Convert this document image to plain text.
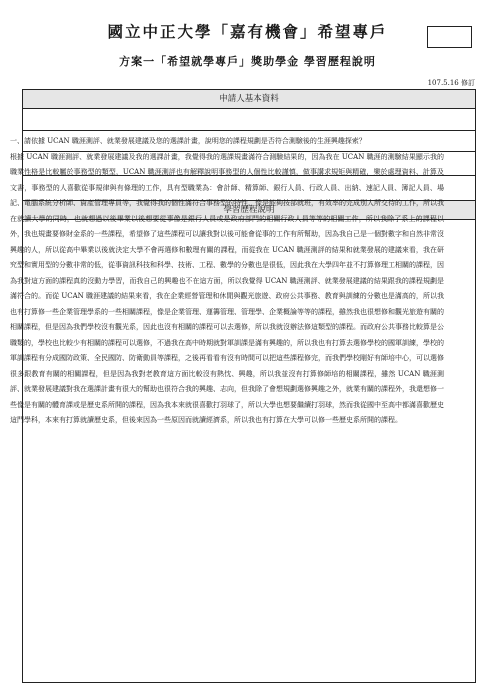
國立中正大學「嘉有機會」希望專戶
方案一「希望就學專戶」獎助學金 學習歷程說明
107.5.16 修訂
申請人基本資料
學習歷程說明

一、請依據 UCAN 職涯測評、就業發展建議及您的選課計畫，說明您的課程規劃是否符合測驗後的生涯興趣探索？

根據 UCAN 職涯測評、就業發展建議及我的選課計畫，我覺得我的選課規畫滿符合測驗結果的，因為我在 UCAN 職涯的測驗結果顯示我的職業性格是比較屬於事務型的類型，UCAN 職涯測評也有解釋說明事務型的人個性比較謹慎，做事講求規矩與精確，樂於處理資料、計算及文書，事務型的人喜歡從事規律與有條理的工作，具有型職業為：會計師、精算師、銀行人員、行政人員、出納、速記人員、簿記人員、場記、電腦系統分析師、資產管理專員等，我覺得我的個性滿符合事務型的特性，像是能夠按部就班，有效率的完成別人所交待的工作，所以我在就讀大學的同時，也就想過以後畢業以後想要從事像是銀行人員或是政府部門的相關行政人員等等的相關工作，所以我除了系上的課程以外，我也規畫要修財金系的一些課程，希望修了這些課程可以讓我對以後可能會從事的工作有所幫助，因為我自己是一個對數字和自然非常沒興趣的人，所以從高中畢業以後就決定大學不會再選修和數理有關的課程，而從我在 UCAN 職涯測評的結果和就業發展的建議來看，我在研究型和實用型的分數非常的低，從事資訊科技和科學、技術、工程、數學的分數也是很低，因此我在大學四年並不打算修理工相關的課程，因為我對這方面的課程真的沒動力學習，而我自己的興趣也不在這方面，所以我覺得 UCAN 職涯測評、就業發展建議的結果跟我的課程規劃是滿符合的。而從 UCAN 職涯建議的結果來看，我在企業經營管理和休閒與觀光旅遊、政府公共事務、教育與訓練的分數也是滿高的，所以我也有打算修一些企業管理學系的一些相關課程，像是企業管理、運籌管理、管理學、企業概論等等的課程，雖然我也很想修和觀光旅遊有關的相關課程，但是因為我們學校沒有觀光系，因此也沒有相關的課程可以去選修，所以我就沒辦法修這類型的課程。而政府公共事務比較算是公職類的，學校也比較少有相關的課程可以選修，不過我在高中時期就對軍訓課是滿有興趣的，所以我也有打算去選修學校的國軍訓練，學校的軍訓課程有分成國防政策、全民國防、防衛動員等課程，之後再看看有沒有時間可以把這些課程修完，而我們學校剛好有師培中心，可以選修很多跟教育有關的相關課程，但是因為我對老教育這方面比較沒有熱忱、興趣，所以我並沒有打算修師培的相關課程，雖然 UCAN 職涯測評、就業發展建議對我在選課計畫有很大的幫助也很符合我的興趣、志向，但我除了會想規劃選修興趣之外，就業有關的課程外，我還想修一些像是有關的體育課或是歷史系所開的課程，因為我本來就很喜歡打羽球了，所以大學也想要繼續打羽球，然而我從國中至高中都滿喜歡歷史這門學科，本來有打算就讀歷史系，但後來因為一些原因而就讀經濟系，所以我也有打算在大學可以修一些歷史系所開的課程。
